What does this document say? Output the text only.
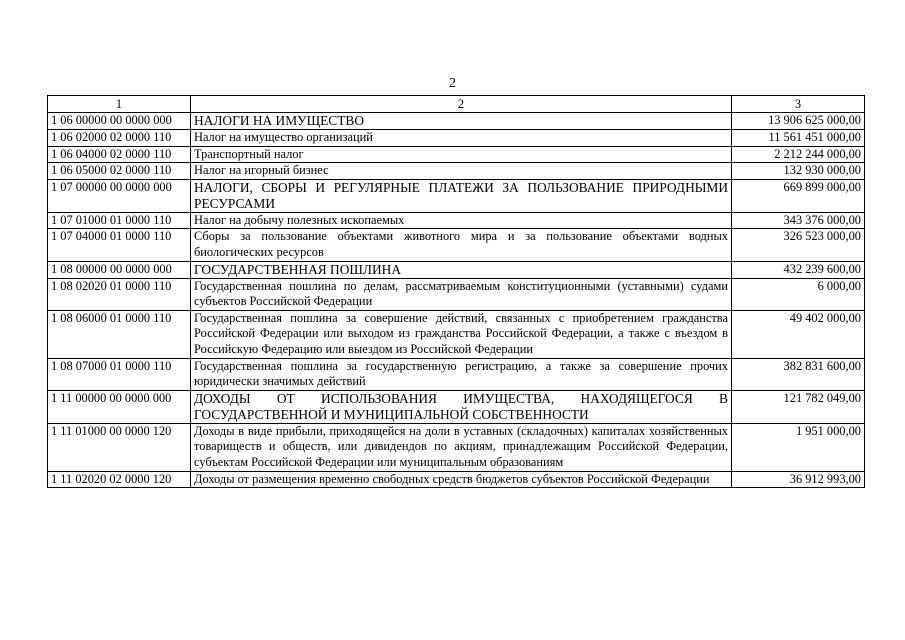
2
1	2	3
1 06 00000 00 0000 000	НАЛОГИ НА ИМУЩЕСТВО	13 906 625 000,00
1 06 02000 02 0000 110	Налог на имущество организаций	11 561 451 000,00
1 06 04000 02 0000 110	Транспортный налог	2 212 244 000,00
1 06 05000 02 0000 110	Налог на игорный бизнес	132 930 000,00
1 07 00000 00 0000 000	НАЛОГИ, СБОРЫ И РЕГУЛЯРНЫЕ ПЛАТЕЖИ ЗА ПОЛЬЗОВАНИЕ ПРИРОДНЫМИ РЕСУРСАМИ	669 899 000,00
1 07 01000 01 0000 110	Налог на добычу полезных ископаемых	343 376 000,00
1 07 04000 01 0000 110	Сборы за пользование объектами животного мира и за пользование объектами водных биологических ресурсов	326 523 000,00
1 08 00000 00 0000 000	ГОСУДАРСТВЕННАЯ ПОШЛИНА	432 239 600,00
1 08 02020 01 0000 110	Государственная пошлина по делам, рассматриваемым конституционными (уставными) судами субъектов Российской Федерации	6 000,00
1 08 06000 01 0000 110	Государственная пошлина за совершение действий, связанных с приобретением гражданства Российской Федерации или выходом из гражданства Российской Федерации, а также с въездом в Российскую Федерацию или выездом из Российской Федерации	49 402 000,00
1 08 07000 01 0000 110	Государственная пошлина за государственную регистрацию, а также за совершение прочих юридически значимых действий	382 831 600,00
1 11 00000 00 0000 000	ДОХОДЫ ОТ ИСПОЛЬЗОВАНИЯ ИМУЩЕСТВА, НАХОДЯЩЕГОСЯ В ГОСУДАРСТВЕННОЙ И МУНИЦИПАЛЬНОЙ СОБСТВЕННОСТИ	121 782 049,00
1 11 01000 00 0000 120	Доходы в виде прибыли, приходящейся на доли в уставных (складочных) капиталах хозяйственных товариществ и обществ, или дивидендов по акциям, принадлежащим Российской Федерации, субъектам Российской Федерации или муниципальным образованиям	1 951 000,00
1 11 02020 02 0000 120	Доходы от размещения временно свободных средств бюджетов субъектов Российской Федерации	36 912 993,00
